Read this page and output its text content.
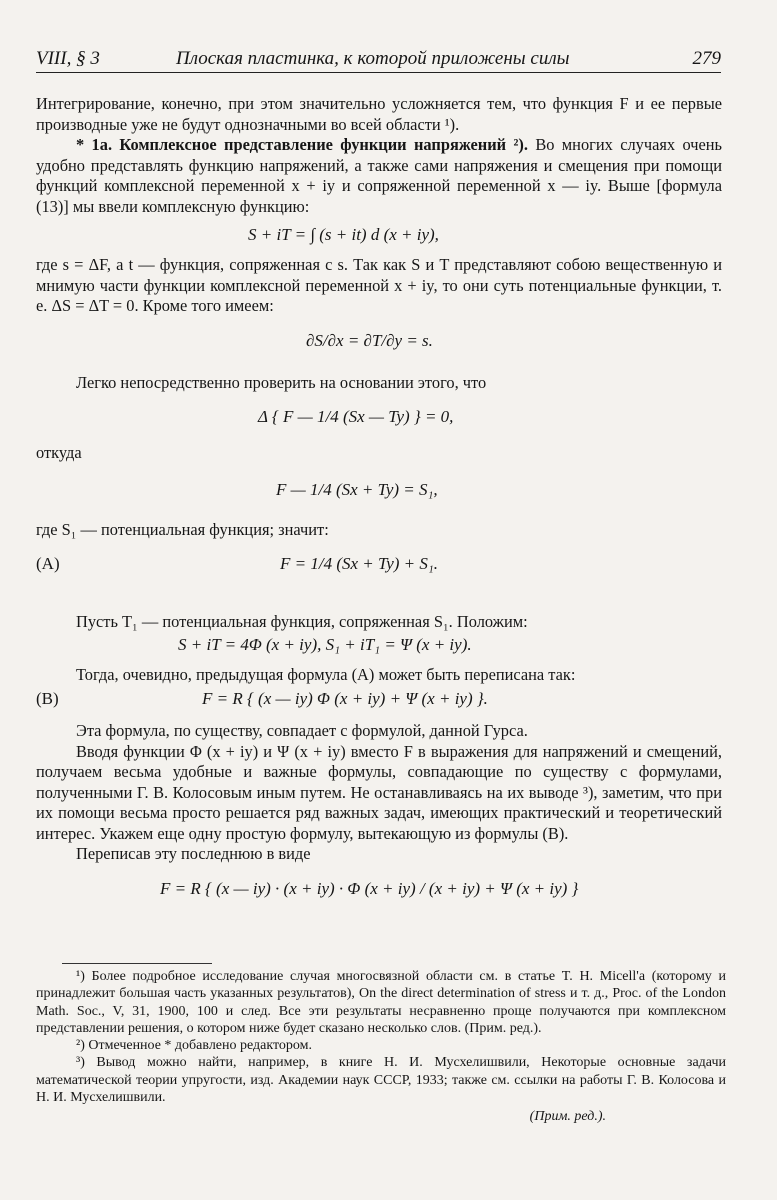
VIII, § 3	Плоская пластинка, к которой приложены силы	279

Интегрирование, конечно, при этом значительно усложняется тем, что функция F и ее первые производные уже не будут однозначными во всей области ¹).

* 1а. Комплексное представление функции напряжений ²). Во многих случаях очень удобно представлять функцию напряжений, а также сами напряжения и смещения при помощи функций комплексной переменной x + iy и сопряженной переменной x — iy. Выше [формула (13)] мы ввели комплексную функцию:

S + iT = ∫ (s + it) d (x + iy),

где s = ΔF, а t — функция, сопряженная с s. Так как S и T представляют собою вещественную и мнимую части функции комплексной переменной x + iy, то они суть потенциальные функции, т. е. ΔS = ΔT = 0. Кроме того имеем:

∂S/∂x = ∂T/∂y = s.

Легко непосредственно проверить на основании этого, что

Δ { F — 1/4 (Sx — Ty) } = 0,

откуда

F — 1/4 (Sx + Ty) = S₁,

где S₁ — потенциальная функция; значит:

(A)	F = 1/4 (Sx + Ty) + S₁.

Пусть T₁ — потенциальная функция, сопряженная S₁. Положим:

S + iT = 4Φ (x + iy), S₁ + iT₁ = Ψ (x + iy).

Тогда, очевидно, предыдущая формула (A) может быть переписана так:

(B)	F = R { (x — iy) Φ (x + iy) + Ψ (x + iy) }.

Эта формула, по существу, совпадает с формулой, данной Гурса.

Вводя функции Φ (x + iy) и Ψ (x + iy) вместо F в выражения для напряжений и смещений, получаем весьма удобные и важные формулы, совпадающие по существу с формулами, полученными Г. В. Колосовым иным путем. Не останавливаясь на их выводе ³), заметим, что при их помощи весьма просто решается ряд важных задач, имеющих практический и теоретический интерес. Укажем еще одну простую формулу, вытекающую из формулы (B).

Переписав эту последнюю в виде

F = R { (x — iy) · (x + iy) · Φ (x + iy) / (x + iy) + Ψ (x + iy) }

¹) Более подробное исследование случая многосвязной области см. в статье T. H. Micell'a (которому и принадлежит большая часть указанных результатов), On the direct determination of stress и т. д., Proc. of the London Math. Soc., V, 31, 1900, 100 и след. Все эти результаты несравненно проще получаются при комплексном представлении решения, о котором ниже будет сказано несколько слов. (Прим. ред.).

²) Отмеченное * добавлено редактором.

³) Вывод можно найти, например, в книге Н. И. Мусхелишвили, Некоторые основные задачи математической теории упругости, изд. Академии наук СССР, 1933; также см. ссылки на работы Г. В. Колосова и Н. И. Мусхелишвили.

(Прим. ред.).
